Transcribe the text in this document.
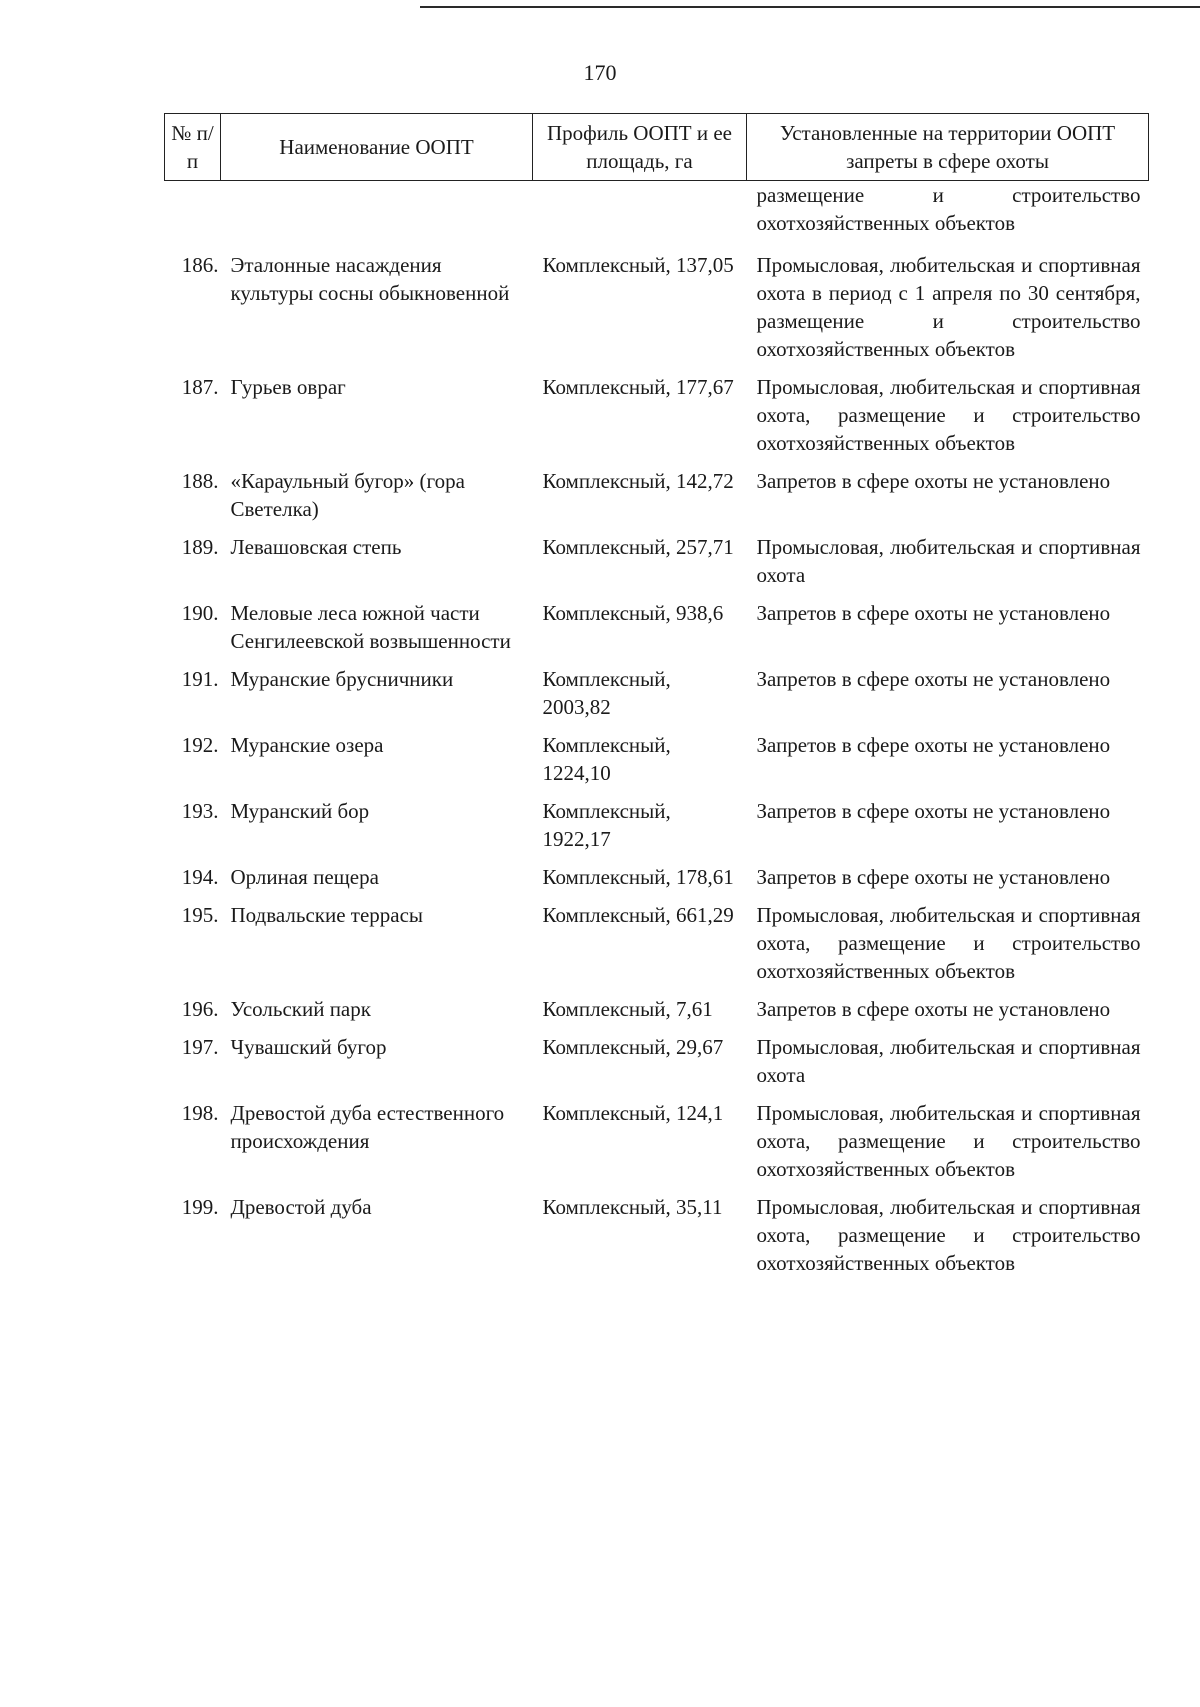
170
№ п/п	Наименование ООПТ	Профиль ООПТ и ее площадь, га	Установленные на территории ООПТ запреты в сфере охоты
			размещение и строительство охотхозяйственных объектов
186.	Эталонные насаждения культуры сосны обыкновенной	Комплексный, 137,05	Промысловая, любительская и спортивная охота в период с 1 апреля по 30 сентября, размещение и строительство охотхозяйственных объектов
187.	Гурьев овраг	Комплексный, 177,67	Промысловая, любительская и спортивная охота, размещение и строительство охотхозяйственных объектов
188.	«Караульный бугор» (гора Светелка)	Комплексный, 142,72	Запретов в сфере охоты не установлено
189.	Левашовская степь	Комплексный, 257,71	Промысловая, любительская и спортивная охота
190.	Меловые леса южной части Сенгилеевской возвышенности	Комплексный, 938,6	Запретов в сфере охоты не установлено
191.	Муранские брусничники	Комплексный, 2003,82	Запретов в сфере охоты не установлено
192.	Муранские озера	Комплексный, 1224,10	Запретов в сфере охоты не установлено
193.	Муранский бор	Комплексный, 1922,17	Запретов в сфере охоты не установлено
194.	Орлиная пещера	Комплексный, 178,61	Запретов в сфере охоты не установлено
195.	Подвальские террасы	Комплексный, 661,29	Промысловая, любительская и спортивная охота, размещение и строительство охотхозяйственных объектов
196.	Усольский парк	Комплексный, 7,61	Запретов в сфере охоты не установлено
197.	Чувашский бугор	Комплексный, 29,67	Промысловая, любительская и спортивная охота
198.	Древостой дуба естественного происхождения	Комплексный, 124,1	Промысловая, любительская и спортивная охота, размещение и строительство охотхозяйственных объектов
199.	Древостой дуба	Комплексный, 35,11	Промысловая, любительская и спортивная охота, размещение и строительство охотхозяйственных объектов
